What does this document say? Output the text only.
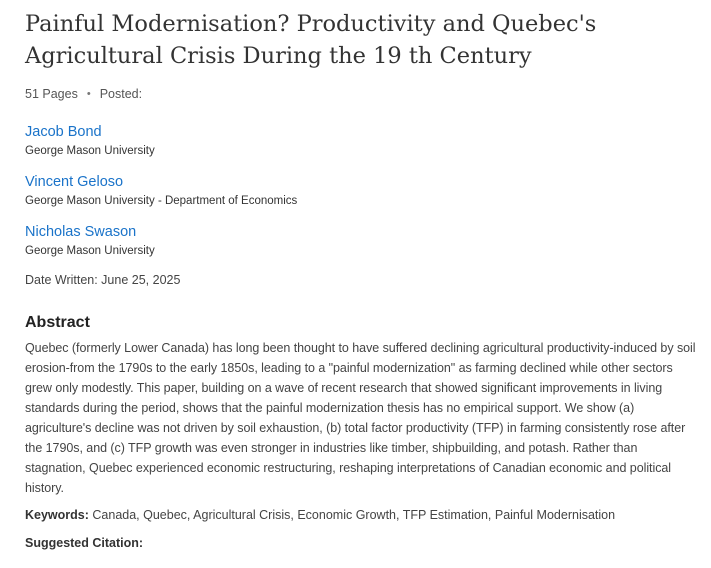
Painful Modernisation? Productivity and Quebec's Agricultural Crisis During the 19 th Century
51 Pages • Posted:
Jacob Bond
George Mason University
Vincent Geloso
George Mason University - Department of Economics
Nicholas Swason
George Mason University
Date Written: June 25, 2025
Abstract
Quebec (formerly Lower Canada) has long been thought to have suffered declining agricultural productivity-induced by soil erosion-from the 1790s to the early 1850s, leading to a "painful modernization" as farming declined while other sectors grew only modestly. This paper, building on a wave of recent research that showed significant improvements in living standards during the period, shows that the painful modernization thesis has no empirical support. We show (a) agriculture's decline was not driven by soil exhaustion, (b) total factor productivity (TFP) in farming consistently rose after the 1790s, and (c) TFP growth was even stronger in industries like timber, shipbuilding, and potash. Rather than stagnation, Quebec experienced economic restructuring, reshaping interpretations of Canadian economic and political history.
Keywords: Canada, Quebec, Agricultural Crisis, Economic Growth, TFP Estimation, Painful Modernisation
Suggested Citation:
